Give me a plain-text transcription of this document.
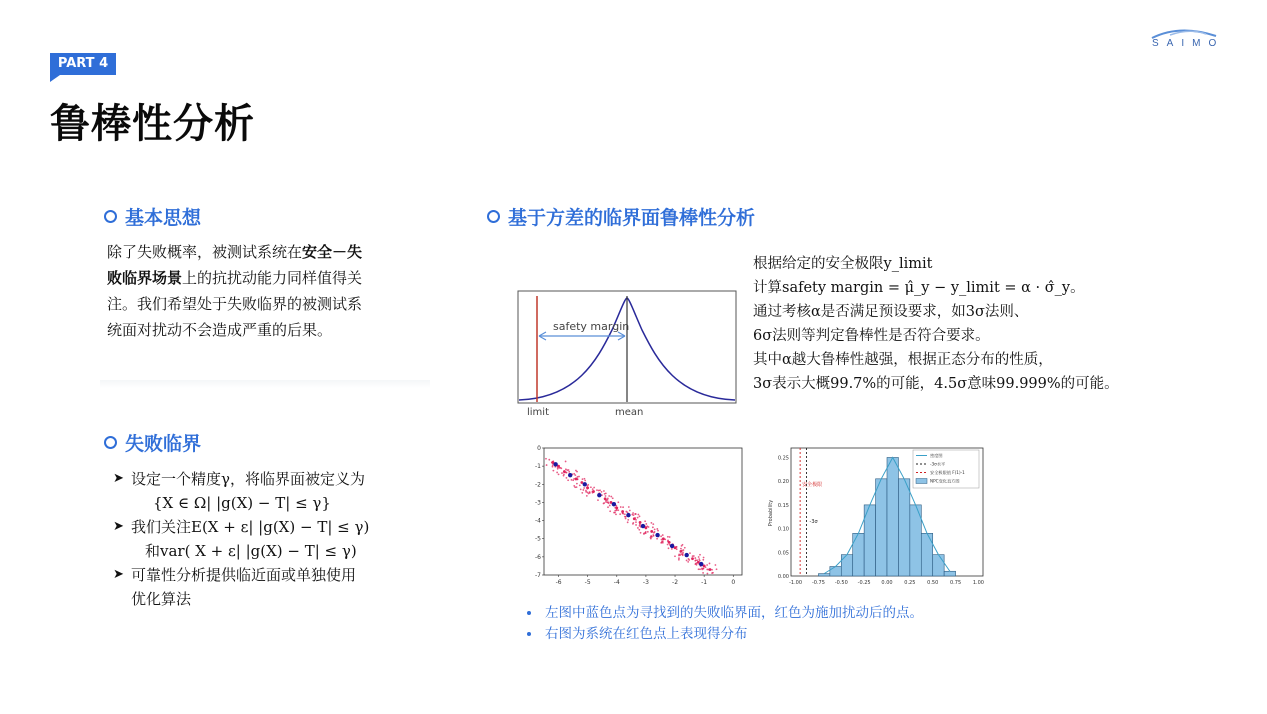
PART 4
鲁棒性分析
SAIMO
基本思想
除了失败概率，被测试系统在安全－失
败临界场景上的抗扰动能力同样值得关
注。我们希望处于失败临界的被测试系
统面对扰动不会造成严重的后果。
失败临界
➤ 设定一个精度γ，将临界面被定义为
{X ∈ Ω| |g(X) − T| ≤ γ}
➤ 我们关注E(X + ε| |g(X) − T| ≤ γ)
和var( X + ε| |g(X) − T| ≤ γ)
➤ 可靠性分析提供临近面或单独使用
优化算法
基于方差的临界面鲁棒性分析
safety margin
limit	mean
根据给定的安全极限y_limit
计算safety margin = μ̂_y − y_limit = α · σ̂_y。
通过考核α是否满足预设要求，如3σ法则、
6σ法则等判定鲁棒性是否符合要求。
其中α越大鲁棒性越强，根据正态分布的性质，
3σ表示大概99.7%的可能，4.5σ意味99.999%的可能。
-6	-5	-4	-3	-2	-1	0
0
-1
-2
-3
-4
-5
-6
-7
-1.00 -0.75 -0.50 -0.25 0.00 0.25 0.50 0.75 1.00
0.00
0.05
0.10
0.15
0.20
0.25
Probability
密度图
-3σ水平
安全极限值 F(1)-1
NPC变化直方图
安全极限
-3σ
左图中蓝色点为寻找到的失败临界面，红色为施加扰动后的点。
右图为系统在红色点上表现得分布
